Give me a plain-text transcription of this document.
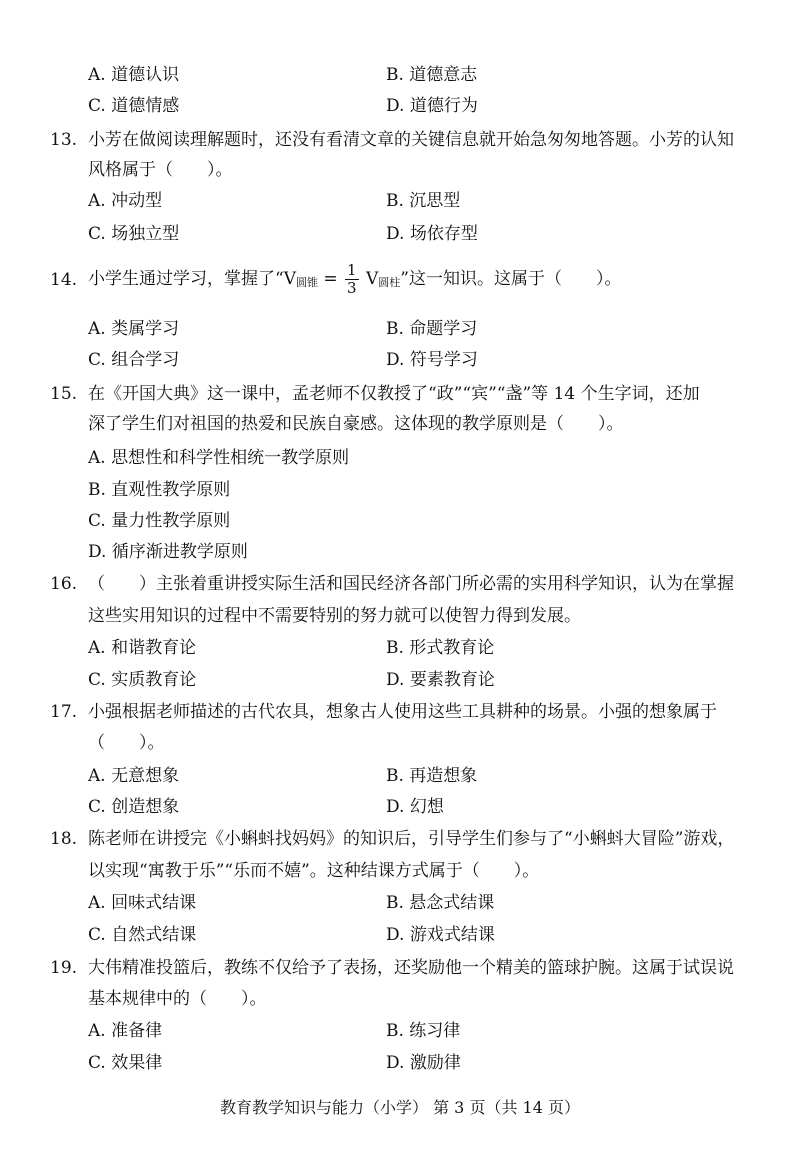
A. 道德认识	B. 道德意志
C. 道德情感	D. 道德行为
13. 小芳在做阅读理解题时，还没有看清文章的关键信息就开始急匆匆地答题。小芳的认知
风格属于（　　）。
A. 冲动型	B. 沉思型
C. 场独立型	D. 场依存型
14. 小学生通过学习，掌握了“V圆锥 = $\frac{1}{3}$ V圆柱”这一知识。这属于（　　）。
A. 类属学习	B. 命题学习
C. 组合学习	D. 符号学习
15. 在《开国大典》这一课中，孟老师不仅教授了“政”“宾”“盏”等 14 个生字词，还加
深了学生们对祖国的热爱和民族自豪感。这体现的教学原则是（　　）。
A. 思想性和科学性相统一教学原则
B. 直观性教学原则
C. 量力性教学原则
D. 循序渐进教学原则
16. （　　）主张着重讲授实际生活和国民经济各部门所必需的实用科学知识，认为在掌握
这些实用知识的过程中不需要特别的努力就可以使智力得到发展。
A. 和谐教育论	B. 形式教育论
C. 实质教育论	D. 要素教育论
17. 小强根据老师描述的古代农具，想象古人使用这些工具耕种的场景。小强的想象属于
（　　）。
A. 无意想象	B. 再造想象
C. 创造想象	D. 幻想
18. 陈老师在讲授完《小蝌蚪找妈妈》的知识后，引导学生们参与了“小蝌蚪大冒险”游戏，
以实现“寓教于乐”“乐而不嬉”。这种结课方式属于（　　）。
A. 回味式结课	B. 悬念式结课
C. 自然式结课	D. 游戏式结课
19. 大伟精准投篮后，教练不仅给予了表扬，还奖励他一个精美的篮球护腕。这属于试误说
基本规律中的（　　）。
A. 准备律	B. 练习律
C. 效果律	D. 激励律
教育教学知识与能力（小学） 第 3 页（共 14 页）
